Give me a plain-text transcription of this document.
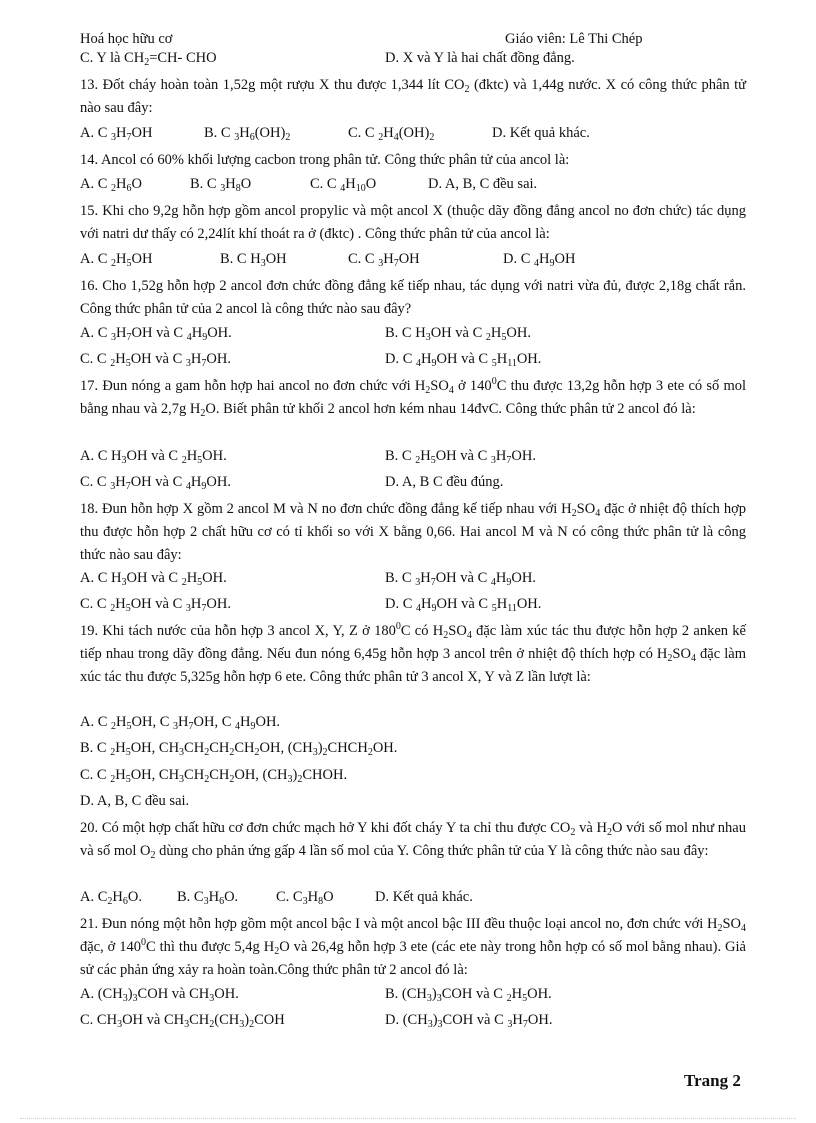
Hoá học hữu cơ	Giáo viên: Lê Thi Chép
C. Y là $CH_2=CH-$ CHO	D. X và Y là hai chất đồng đẳng.

13. Đốt cháy hoàn toàn 1,52g một rượu X thu được 1,344 lít $CO_2$ (đktc) và 1,44g nước. X có công thức phân tử nào sau đây:

A. C $_3H_7OH$	B. C $_3H_6(OH)_2$	C. C $_2H_4(OH)_2$	D. Kết quả khác.

14. Ancol có 60% khối lượng cacbon trong phân tử. Công thức phân tử của ancol là:

A. C $_2H_6O$	B. C $_3H_8O$	C. C $_4H_{10}O$	D. A, B, C đều sai.

15. Khi cho 9,2g hỗn hợp gồm ancol propylic và một ancol X (thuộc dãy đồng đẳng ancol no đơn chức) tác dụng với natri dư thấy có 2,24lít khí thoát ra ở (đktc) . Công thức phân tử của ancol là:

A. C $_2H_5OH$	B. C $H_3OH$	C. C $_3H_7OH$	D. C $_4H_9OH$

16. Cho 1,52g hỗn hợp 2 ancol đơn chức đồng đẳng kế tiếp nhau, tác dụng với natri vừa đủ, được 2,18g chất rắn. Công thức phân tử của 2 ancol là công thức nào sau đây?

A. C $_3H_7OH$ và C $_4H_9OH$.	B. C $H_3OH$ và C $_2H_5OH$.
C. C $_2H_5OH$ và C $_3H_7OH$.	D. C $_4H_9OH$ và C $_5H_{11}OH$.

17. Đun nóng a gam hỗn hợp hai ancol no đơn chức với $H_2SO_4$ ở $140^0C$ thu được 13,2g hỗn hợp 3 ete có số mol bằng nhau và 2,7g $H_2O$. Biết phân tử khối 2 ancol hơn kém nhau 14đvC. Công thức phân tử 2 ancol đó là:

A. C $H_3OH$ và C $_2H_5OH$.	B. C $_2H_5OH$ và C $_3H_7OH$.
C. C $_3H_7OH$ và C $_4H_9OH$.	D. A, B C đều đúng.

18. Đun hỗn hợp X gồm 2 ancol M và N no đơn chức đồng đẳng kế tiếp nhau với $H_2SO_4$ đặc ở nhiệt độ thích hợp thu được hỗn hợp 2 chất hữu cơ có tỉ khối so với X bằng 0,66. Hai ancol M và N có công thức phân tử là công thức nào sau đây:

A. C $H_3OH$ và C $_2H_5OH$.	B. C $_3H_7OH$ và C $_4H_9OH$.
C. C $_2H_5OH$ và C $_3H_7OH$.	D. C $_4H_9OH$ và C $_5H_{11}OH$.

19. Khi tách nước của hỗn hợp 3 ancol X, Y, Z ở $180^0C$ có $H_2SO_4$ đặc làm xúc tác thu được hỗn hợp 2 anken kế tiếp nhau trong dãy đồng đẳng. Nếu đun nóng 6,45g hỗn hợp 3 ancol trên ở nhiệt độ thích hợp có $H_2SO_4$ đặc làm xúc tác thu được 5,325g hỗn hợp 6 ete. Công thức phân tử 3 ancol X, Y và Z lần lượt là:

A. C $_2H_5OH$, C $_3H_7OH$, C $_4H_9OH$.
B. C $_2H_5OH$, $CH_3CH_2CH_2CH_2OH$, $(CH_3)_2CHCH_2OH$.
C. C $_2H_5OH$, $CH_3CH_2CH_2OH$, $(CH_3)_2CHOH$.
D. A, B, C đều sai.

20. Có một hợp chất hữu cơ đơn chức mạch hở Y khi đốt cháy Y ta chỉ thu được $CO_2$ và $H_2O$ với số mol như nhau và số mol $O_2$ dùng cho phản ứng gấp 4 lần số mol của Y. Công thức phân tử của Y là công thức nào sau đây:

A. $C_2H_6O$. B. $C_3H_6O$.	C. $C_3H_8O$	D. Kết quả khác.

21. Đun nóng một hỗn hợp gồm một ancol bậc I và một ancol bậc III đều thuộc loại ancol no, đơn chức với $H_2SO_4$ đặc, ở $140^0C$ thì thu được 5,4g $H_2O$ và 26,4g hỗn hợp 3 ete (các ete này trong hỗn hợp có số mol bằng nhau). Giả sử các phản ứng xảy ra hoàn toàn.Công thức phân tử 2 ancol đó là:

A. $(CH_3)_3COH$ và $CH_3OH$.	B. $(CH_3)_3COH$ và C $_2H_5OH$.
C. $CH_3OH$ và $CH_3CH_2(CH_3)_2COH$	D. $(CH_3)_3COH$ và C $_3H_7OH$.
Trang 2
